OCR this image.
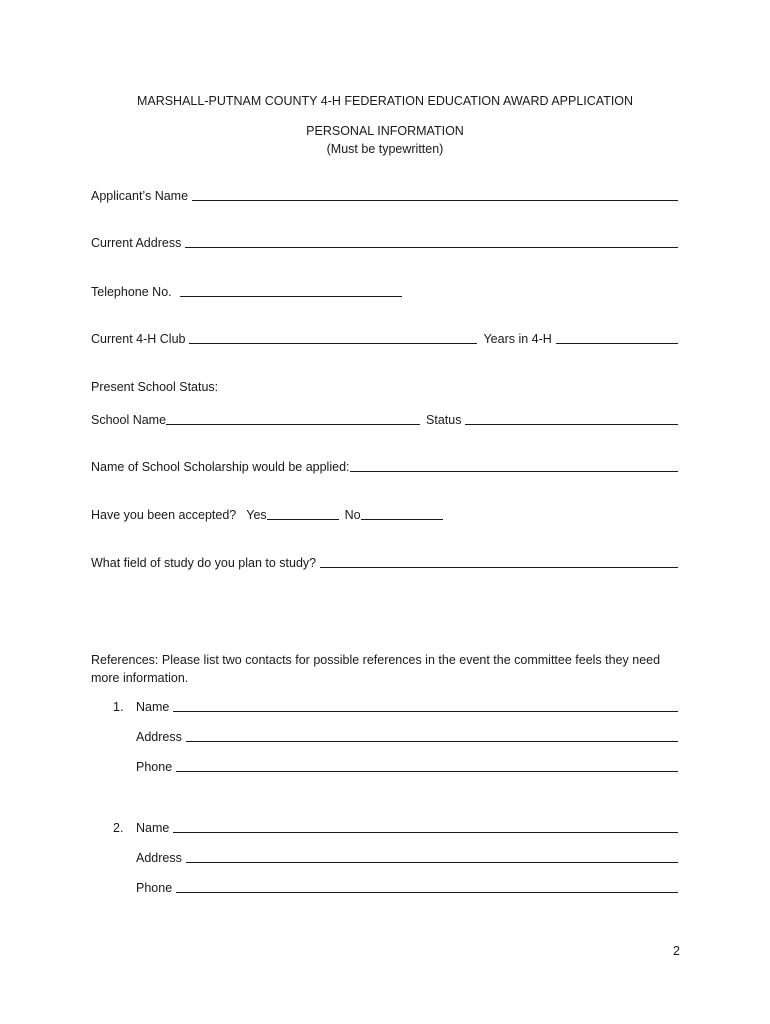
MARSHALL-PUTNAM COUNTY 4-H FEDERATION EDUCATION AWARD APPLICATION
PERSONAL INFORMATION
(Must be typewritten)
Applicant’s Name
Current Address
Telephone No.
Current 4-H Club	Years in 4-H
Present School Status:
School Name	Status
Name of School Scholarship would be applied:
Have you been accepted? Yes	No
What field of study do you plan to study?
References: Please list two contacts for possible references in the event the committee feels they need more information.
1. Name
Address
Phone
2. Name
Address
Phone
2
